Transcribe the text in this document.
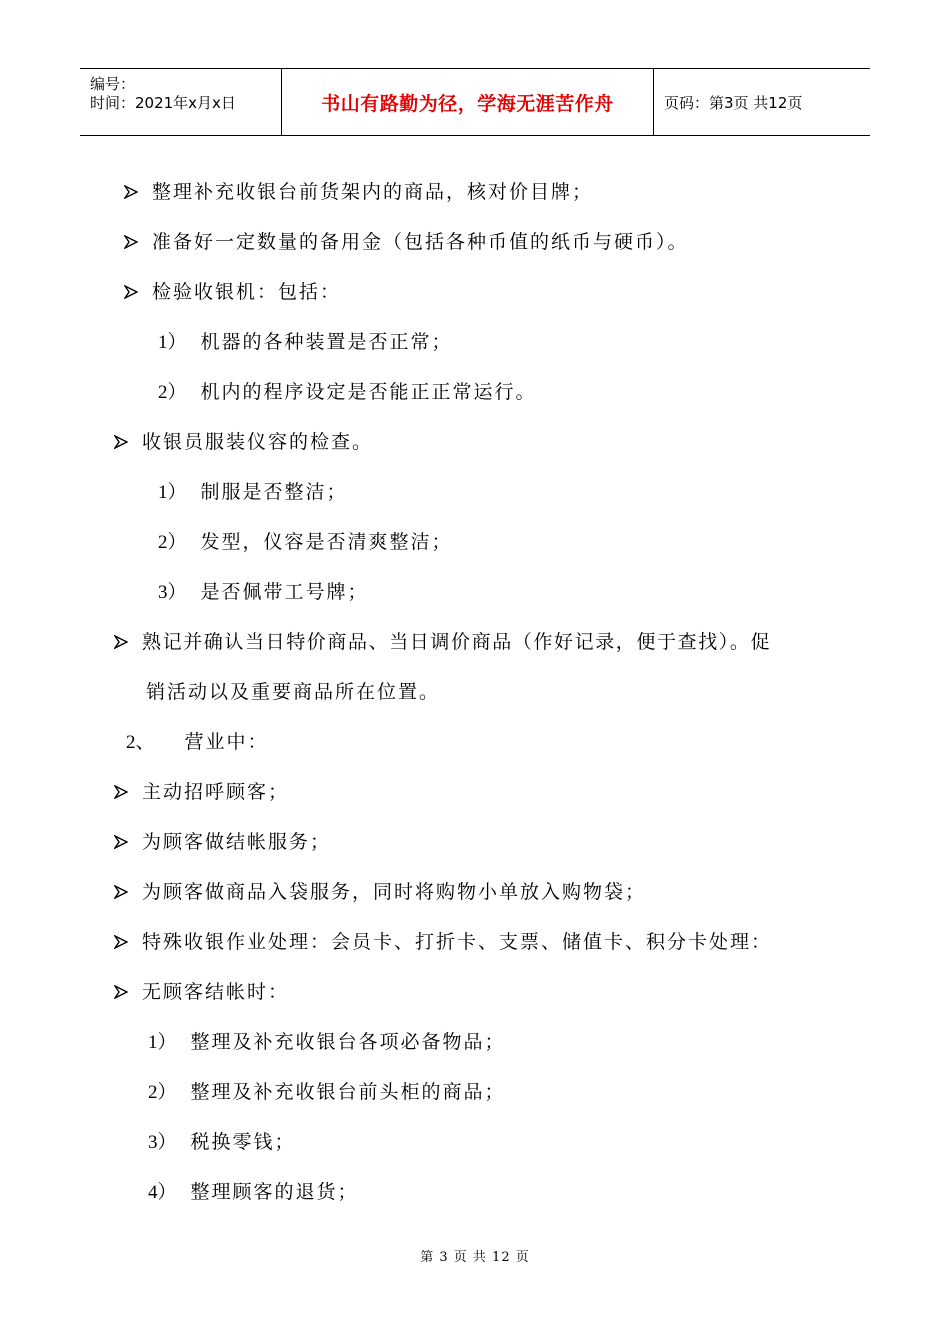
编号：
时间：2021年x月x日	书山有路勤为径，学海无涯苦作舟	页码：第3页 共12页
整理补充收银台前货架内的商品，核对价目牌；
准备好一定数量的备用金（包括各种币值的纸币与硬币）。
检验收银机：包括：
1） 机器的各种装置是否正常；
2） 机内的程序设定是否能正正常运行。
收银员服装仪容的检查。
1） 制服是否整洁；
2） 发型，仪容是否清爽整洁；
3） 是否佩带工号牌；
熟记并确认当日特价商品、当日调价商品（作好记录，便于查找）。促
销活动以及重要商品所在位置。
2、 营业中：
主动招呼顾客；
为顾客做结帐服务；
为顾客做商品入袋服务，同时将购物小单放入购物袋；
特殊收银作业处理：会员卡、打折卡、支票、储值卡、积分卡处理：
无顾客结帐时：
1） 整理及补充收银台各项必备物品；
2） 整理及补充收银台前头柜的商品；
3） 税换零钱；
4） 整理顾客的退货；
第 3 页 共 12 页
